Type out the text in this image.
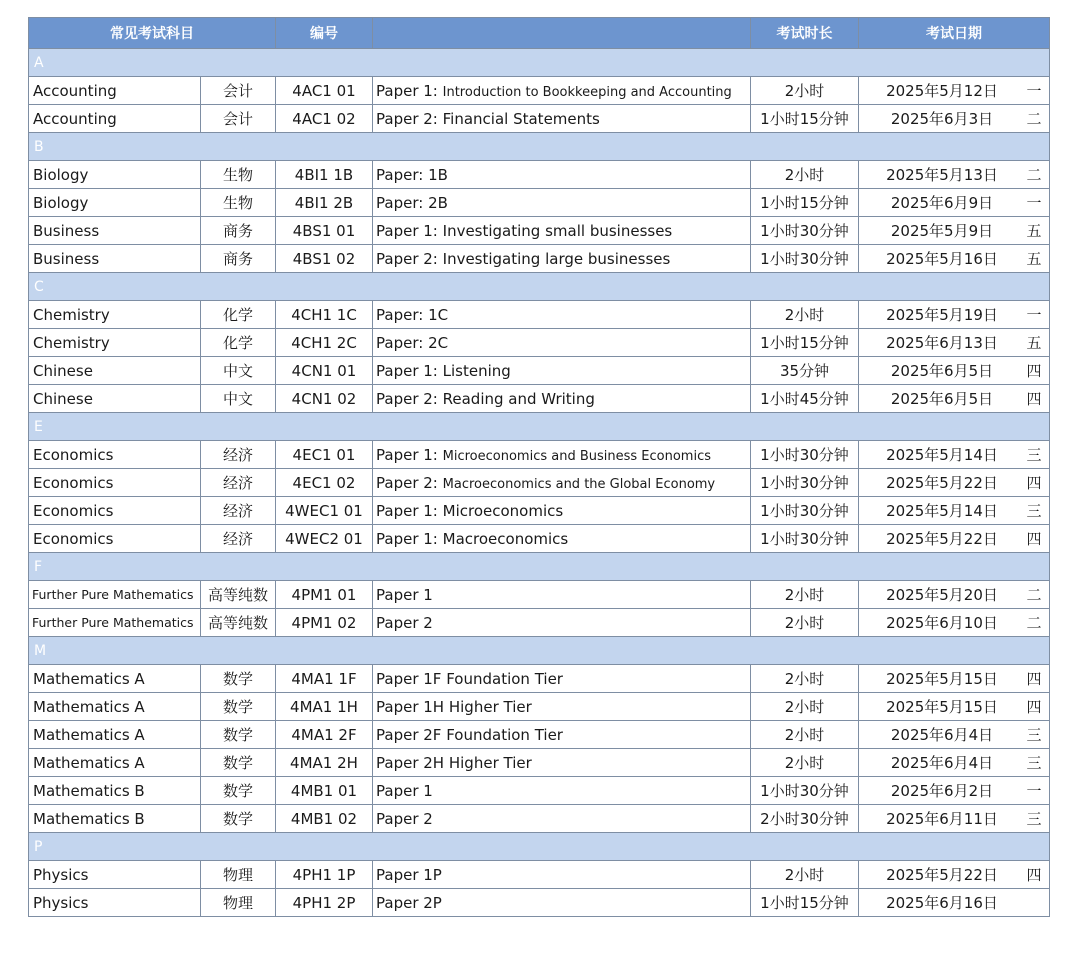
常见考试科目		编号		考试时长	考试日期
A					
Accounting	会计	4AC1 01	Paper 1: Introduction to Bookkeeping and Accounting	2小时	2025年5月12日 一

Accounting	会计	4AC1 02	Paper 2: Financial Statements	1小时15分钟	2025年6月3日 二

B					
Biology	生物	4BI1 1B	Paper: 1B	2小时	2025年5月13日 二

Biology	生物	4BI1 2B	Paper: 2B	1小时15分钟	2025年6月9日 一

Business	商务	4BS1 01	Paper 1: Investigating small businesses	1小时30分钟	2025年5月9日 五

Business	商务	4BS1 02	Paper 2: Investigating large businesses	1小时30分钟	2025年5月16日 五

C					
Chemistry	化学	4CH1 1C	Paper: 1C	2小时	2025年5月19日 一

Chemistry	化学	4CH1 2C	Paper: 2C	1小时15分钟	2025年6月13日 五

Chinese	中文	4CN1 01	Paper 1: Listening	35分钟	2025年6月5日 四

Chinese	中文	4CN1 02	Paper 2: Reading and Writing	1小时45分钟	2025年6月5日 四

E					
Economics	经济	4EC1 01	Paper 1: Microeconomics and Business Economics	1小时30分钟	2025年5月14日 三

Economics	经济	4EC1 02	Paper 2: Macroeconomics and the Global Economy	1小时30分钟	2025年5月22日 四

Economics	经济	4WEC1 01	Paper 1: Microeconomics	1小时30分钟	2025年5月14日 三

Economics	经济	4WEC2 01	Paper 1: Macroeconomics	1小时30分钟	2025年5月22日 四

F					
Further Pure Mathematics	高等纯数	4PM1 01	Paper 1	2小时	2025年5月20日 二

Further Pure Mathematics	高等纯数	4PM1 02	Paper 2	2小时	2025年6月10日 二

M					
Mathematics A	数学	4MA1 1F	Paper 1F Foundation Tier	2小时	2025年5月15日 四

Mathematics A	数学	4MA1 1H	Paper 1H Higher Tier	2小时	2025年5月15日 四

Mathematics A	数学	4MA1 2F	Paper 2F Foundation Tier	2小时	2025年6月4日 三

Mathematics A	数学	4MA1 2H	Paper 2H Higher Tier	2小时	2025年6月4日 三

Mathematics B	数学	4MB1 01	Paper 1	1小时30分钟	2025年6月2日 一

Mathematics B	数学	4MB1 02	Paper 2	2小时30分钟	2025年6月11日 三

P					
Physics	物理	4PH1 1P	Paper 1P	2小时	2025年5月22日 四

Physics	物理	4PH1 2P	Paper 2P	1小时15分钟	2025年6月16日
